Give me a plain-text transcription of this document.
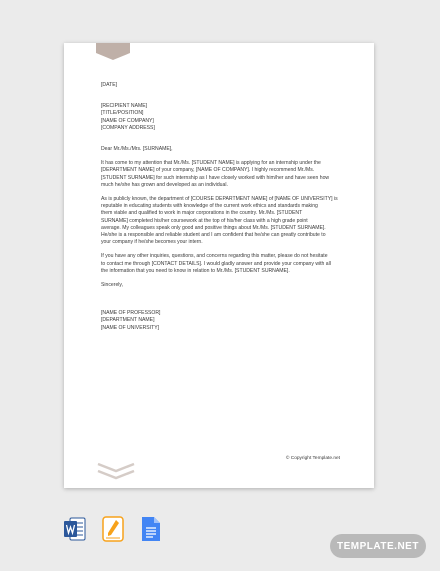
[DATE]
[RECIPIENT NAME]
[TITLE/POSITION]
[NAME OF COMPANY]
[COMPANY ADDRESS]
Dear Mr./Ms./Mrs. [SURNAME],
It has come to my attention that Mr./Ms. [STUDENT NAME] is applying for an internship under the
[DEPARTMENT NAME] of your company, [NAME OF COMPANY]. I highly recommend Mr./Ms.
[STUDENT SURNAME] for such internship as I have closely worked with him/her and have seen how
much he/she has grown and developed as an individual.
As is publicly known, the department of [COURSE DEPARTMENT NAME] of [NAME OF UNIVERSITY] is
reputable in educating students with knowledge of the current work ethics and standards making
them viable and qualified to work in major corporations in the country. Mr./Ms. [STUDENT
SURNAME] completed his/her coursework at the top of his/her class with a high grade point
average. My colleagues speak only good and positive things about Mr./Ms. [STUDENT SURNAME].
He/she is a responsible and reliable student and I am confident that he/she can greatly contribute to
your company if he/she becomes your intern.
If you have any other inquiries, questions, and concerns regarding this matter, please do not hesitate
to contact me through [CONTACT DETAILS]. I would gladly answer and provide your company with all
the information that you need to know in relation to Mr./Ms. [STUDENT SURNAME].
Sincerely,
[NAME OF PROFESSOR]
[DEPARTMENT NAME]
[NAME OF UNIVERSITY]
© Copyright Template.net
TEMPLATE.NET
